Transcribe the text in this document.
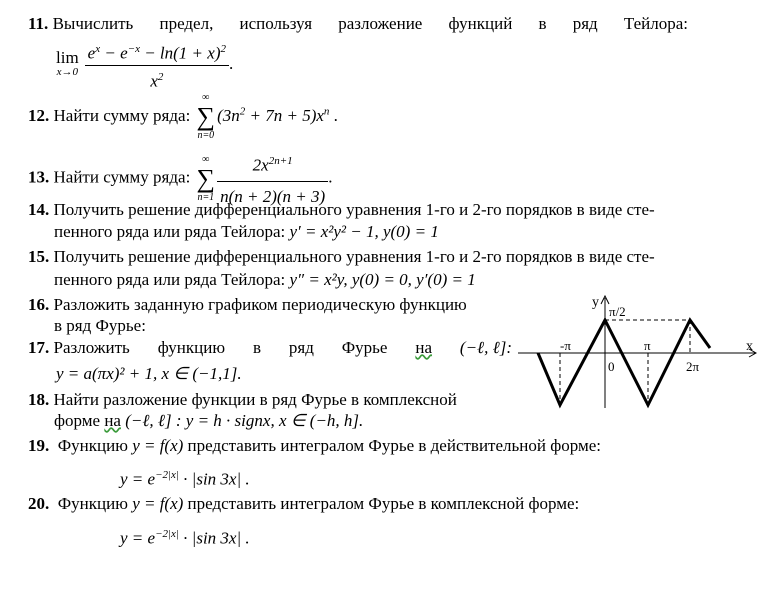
11. Вычислить предел, используя разложение функций в ряд Тейлора:
lim
$x\to 0 \frac{e^x - e^{-x} - \ln(1 + x)^2}{x^2}$ .
12. Найти сумму ряда:
∞
∑
n=0
$(3n^2 + 7n + 5)x^n$ .
13. Найти сумму ряда:
∞
∑
$n=1 \frac{2x^{2n+1}}{n(n + 2)(n + 3)}$ .
14. Получить решение дифференциального уравнения 1-го и 2-го порядков в виде сте-
пенного ряда или ряда Тейлора: y′ = x²y² − 1, y(0) = 1
15. Получить решение дифференциального уравнения 1-го и 2-го порядков в виде сте-
пенного ряда или ряда Тейлора: y″ = x²y, y(0) = 0, y′(0) = 1
16. Разложить заданную графиком периодическую функцию
в ряд Фурье:
17. Разложить функцию в ряд Фурье на (−ℓ, ℓ]:
y = a(πx)² + 1, x ∈ (−1,1].
18. Найти разложение функции в ряд Фурье в комплексной
форме на (−ℓ, ℓ] : y = h · signx, x ∈ (−h, h].
19. Функцию y = f(x) представить интегралом Фурье в действительной форме:
$y = e^{-2|x|} \cdot |\sin$ 3x| .
20. Функцию y = f(x) представить интегралом Фурье в комплексной форме:
$y = e^{-2|x|} \cdot |\sin$ 3x| .
y
x
π/2
-π
0
π
2π
